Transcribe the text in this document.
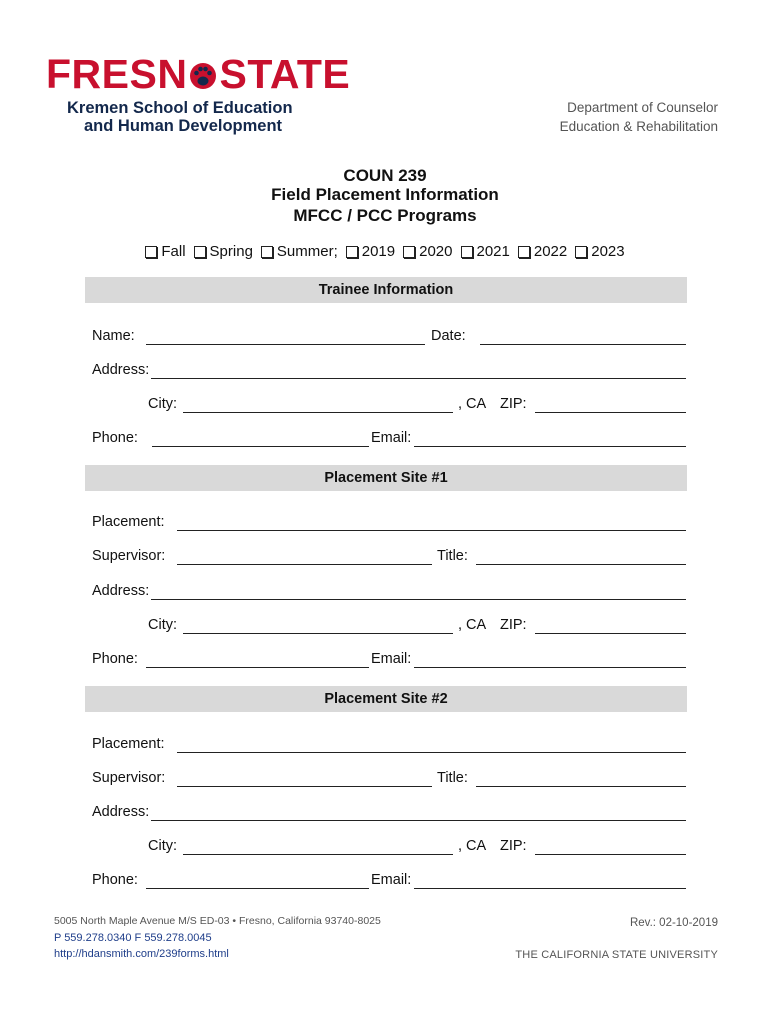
FRESN STATE
Kremen School of Education
and Human Development
Department of Counselor
Education & Rehabilitation
COUN 239
Field Placement Information
MFCC / PCC Programs
Fall Spring Summer; 2019 2020 2021 2022 2023
Trainee Information
Name:	Date:
Address:
City:	, CA ZIP:
Phone:	Email:
Placement Site #1
Placement:
Supervisor:	Title:
Address:
City:	, CA ZIP:
Phone:	Email:
Placement Site #2
Placement:
Supervisor:	Title:
Address:
City:	, CA ZIP:
Phone:	Email:
5005 North Maple Avenue M/S ED-03 • Fresno, California 93740-8025
P 559.278.0340 F 559.278.0045
http://hdansmith.com/239forms.html
Rev.: 02-10-2019
THE CALIFORNIA STATE UNIVERSITY
